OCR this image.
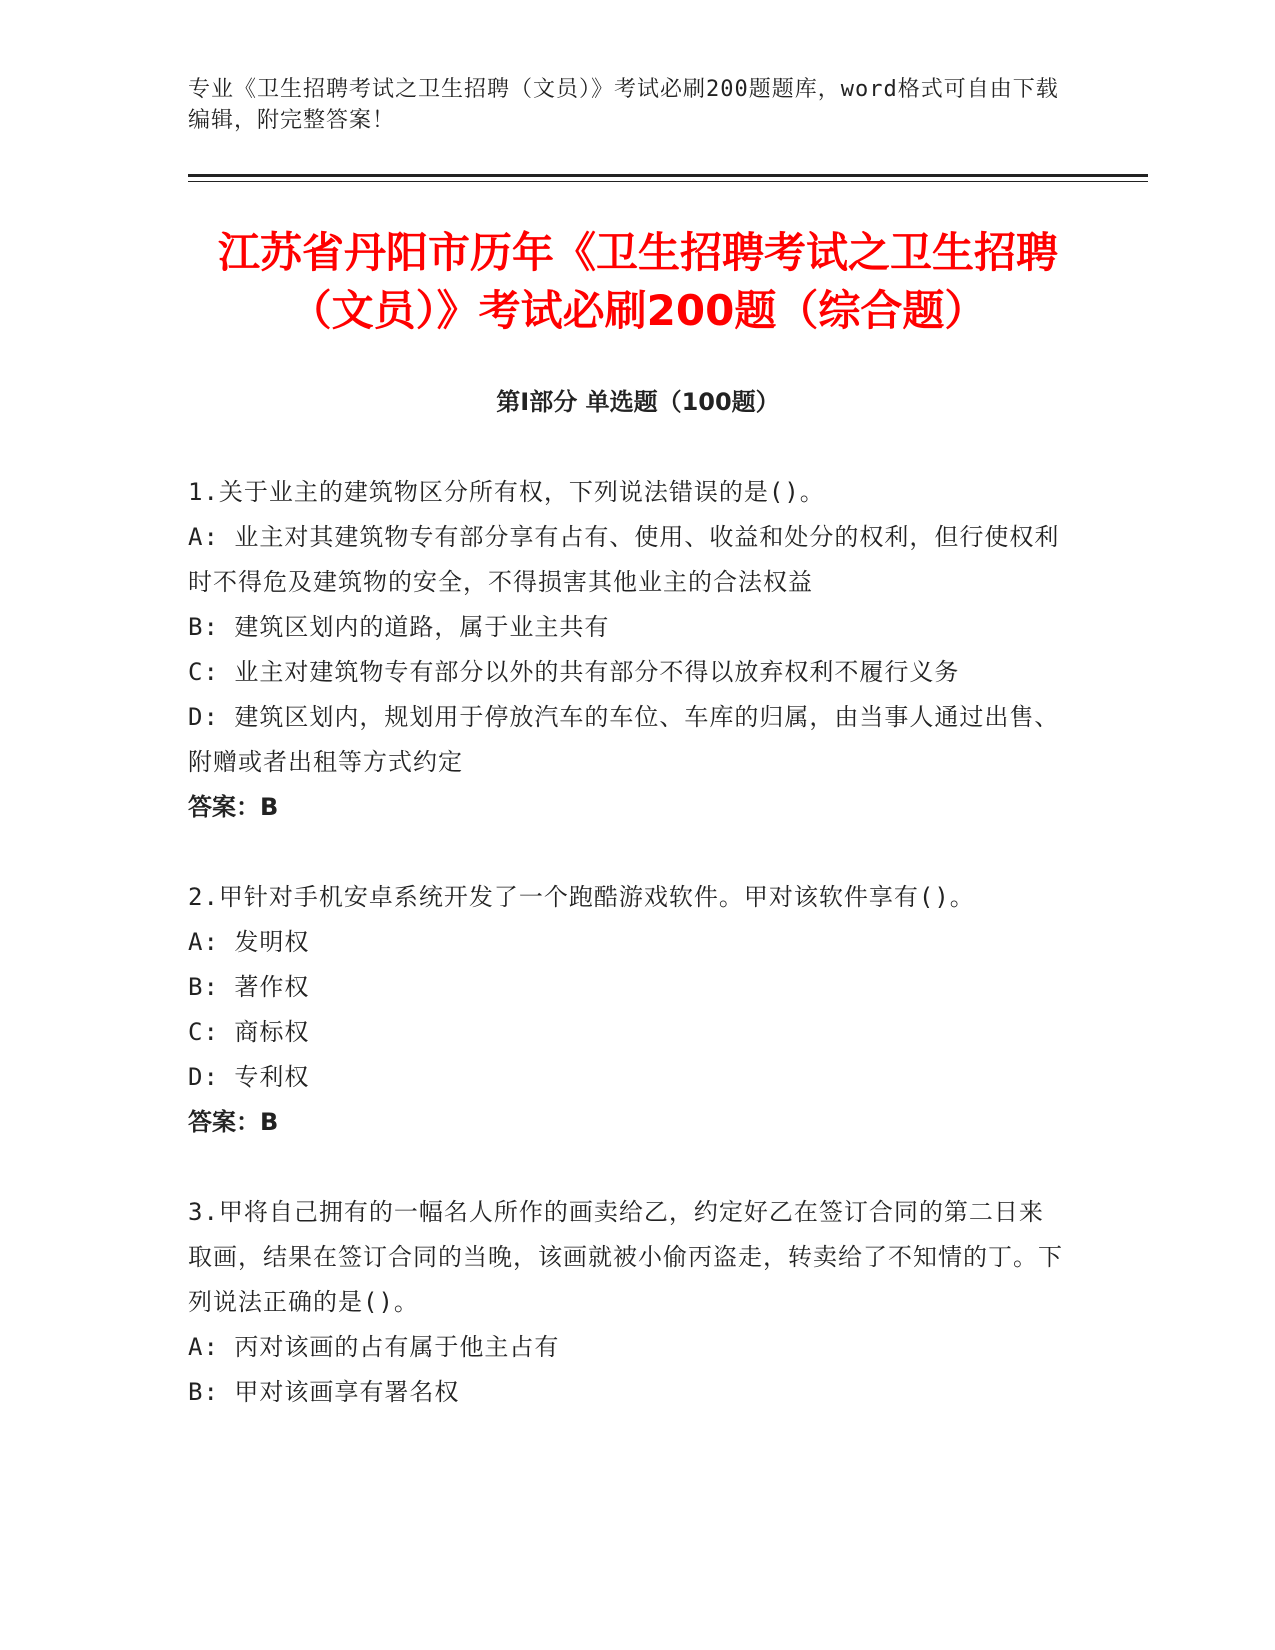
专业《卫生招聘考试之卫生招聘（文员）》考试必刷200题题库，word格式可自由下载编辑，附完整答案！
江苏省丹阳市历年《卫生招聘考试之卫生招聘（文员）》考试必刷200题（综合题）
第Ⅰ部分 单选题（100题）

1.关于业主的建筑物区分所有权，下列说法错误的是()。

A: 业主对其建筑物专有部分享有占有、使用、收益和处分的权利，但行使权利时不得危及建筑物的安全，不得损害其他业主的合法权益

B: 建筑区划内的道路，属于业主共有

C: 业主对建筑物专有部分以外的共有部分不得以放弃权利不履行义务

D: 建筑区划内，规划用于停放汽车的车位、车库的归属，由当事人通过出售、附赠或者出租等方式约定

答案：B

2.甲针对手机安卓系统开发了一个跑酷游戏软件。甲对该软件享有()。

A: 发明权

B: 著作权

C: 商标权

D: 专利权

答案：B

3.甲将自己拥有的一幅名人所作的画卖给乙，约定好乙在签订合同的第二日来取画，结果在签订合同的当晚，该画就被小偷丙盗走，转卖给了不知情的丁。下列说法正确的是()。

A: 丙对该画的占有属于他主占有

B: 甲对该画享有署名权
